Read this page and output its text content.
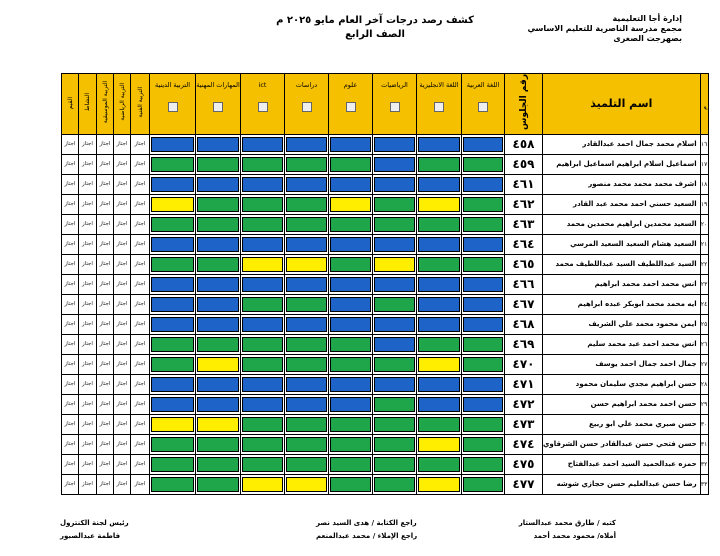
إدارة أجا التعليمية
مجمع مدرسة الناصرية للتعليم الاساسي
بصهرجت الصغرى
كشف رصد درجات آخر العام مايو ٢٠٢٥ م
الصف الرابع
القيم	النشاط	التربية الموسيقية	التربية الرياضية	التربية الفنية	التربية الدينية	المهارات المهنية	ict	دراسات	علوم	الرياضيات	اللغة الانجليزية	اللغة العربية	رقم الجلوس	اسم التلميذ	م
اجتاز	اجتاز	اجتاز	اجتاز	اجتاز									٤٥٨	اسلام محمد جمال احمد عبدالقادر	١٦
اجتاز	اجتاز	اجتاز	اجتاز	اجتاز									٤٥٩	اسماعيل اسلام ابراهيم اسماعيل ابراهيم	١٧
اجتاز	اجتاز	اجتاز	اجتاز	اجتاز									٤٦١	اشرف محمد محمد محمد منصور	١٨
اجتاز	اجتاز	اجتاز	اجتاز	اجتاز									٤٦٢	السعيد حسني احمد محمد عبد القادر	١٩
اجتاز	اجتاز	اجتاز	اجتاز	اجتاز									٤٦٣	السعيد محمدين ابراهيم محمدين محمد	٢٠
اجتاز	اجتاز	اجتاز	اجتاز	اجتاز									٤٦٤	السعيد هشام السعيد السعيد المرسي	٢١
اجتاز	اجتاز	اجتاز	اجتاز	اجتاز									٤٦٥	السيد عبداللطيف السيد عبداللطيف محمد	٢٢
اجتاز	اجتاز	اجتاز	اجتاز	اجتاز									٤٦٦	انس محمد احمد محمد ابراهيم	٢٣
اجتاز	اجتاز	اجتاز	اجتاز	اجتاز									٤٦٧	ايه محمد محمد ابوبكر عبده ابراهيم	٢٤
اجتاز	اجتاز	اجتاز	اجتاز	اجتاز									٤٦٨	ايمن محمود محمد علي الشريف	٢٥
اجتاز	اجتاز	اجتاز	اجتاز	اجتاز									٤٦٩	انس محمد احمد عبد محمد سليم	٢٦
اجتاز	اجتاز	اجتاز	اجتاز	اجتاز									٤٧٠	جمال احمد جمال احمد يوسف	٢٧
اجتاز	اجتاز	اجتاز	اجتاز	اجتاز									٤٧١	حسن ابراهيم مجدي سليمان محمود	٢٨
اجتاز	اجتاز	اجتاز	اجتاز	اجتاز									٤٧٢	حسن احمد محمد ابراهيم حسن	٢٩
اجتاز	اجتاز	اجتاز	اجتاز	اجتاز									٤٧٣	حسن صبري محمد علي ابو ربيع	٣٠
اجتاز	اجتاز	اجتاز	اجتاز	اجتاز									٤٧٤	حسن فتحي حسن عبدالقادر حسن الشرقاوي	٣١
اجتاز	اجتاز	اجتاز	اجتاز	اجتاز									٤٧٥	حمزه عبدالحميد السيد احمد عبدالفتاح	٣٢
اجتاز	اجتاز	اجتاز	اجتاز	اجتاز									٤٧٧	رضا حسن عبدالعليم حسن حجازي شوشه	٣٣
كتبه / طارق محمد عبدالستار
أملاه/ محمود محمد أحمد
راجع الكتابة / هدى السيد نصر
راجع الإملاء / محمد عبدالمنعم
رئيس لجنة الكنترول
فاطمة عبدالصبور
